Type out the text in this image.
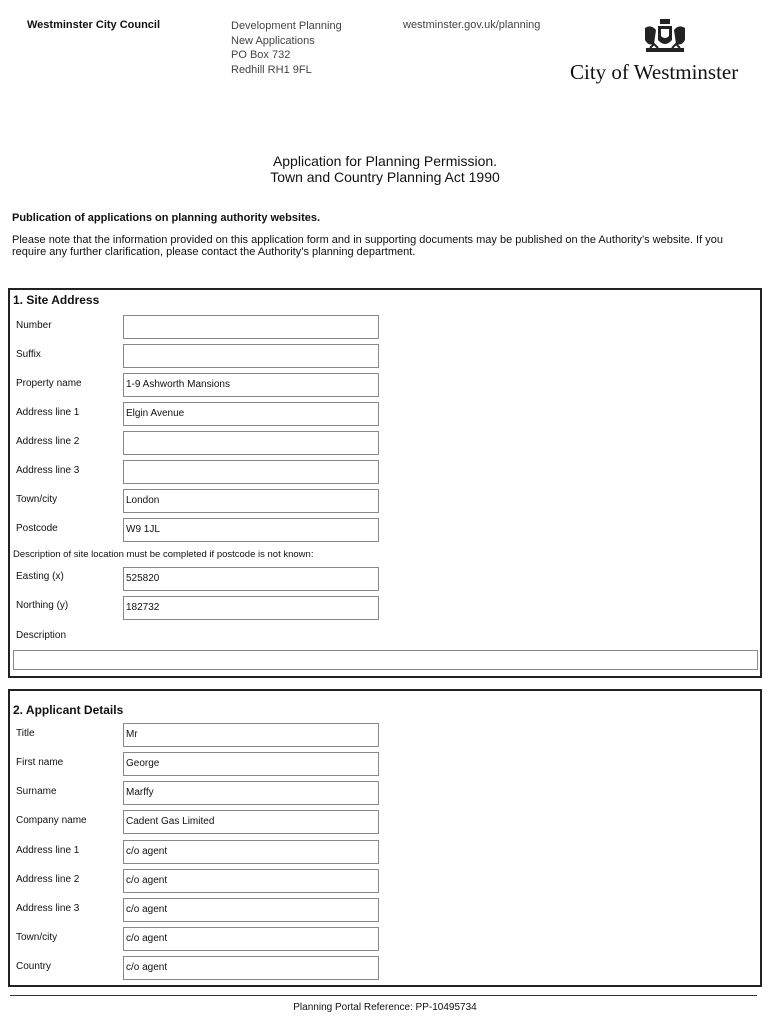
Westminster City Council	Development Planning
New Applications
PO Box 732
Redhill RH1 9FL
westminster.gov.uk/planning
City of Westminster
Application for Planning Permission.
Town and Country Planning Act 1990
Publication of applications on planning authority websites.
Please note that the information provided on this application form and in supporting documents may be published on the Authority’s website. If you require any further clarification, please contact the Authority’s planning department.
1. Site Address
Number
Suffix
Property name	1-9 Ashworth Mansions
Address line 1	Elgin Avenue
Address line 2
Address line 3
Town/city	London
Postcode	W9 1JL
Description of site location must be completed if postcode is not known:
Easting (x)	525820
Northing (y)	182732
Description
2. Applicant Details
Title	Mr
First name	George
Surname	Marffy
Company name	Cadent Gas Limited
Address line 1	c/o agent
Address line 2	c/o agent
Address line 3	c/o agent
Town/city	c/o agent
Country	c/o agent
Planning Portal Reference: PP-10495734
